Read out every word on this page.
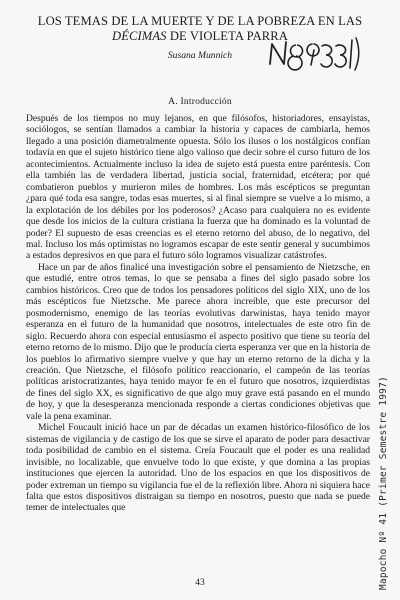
LOS TEMAS DE LA MUERTE Y DE LA POBREZA EN LAS
DÉCIMAS DE VIOLETA PARRA
Susana Munnich
A. Introducción

Después de los tiempos no muy lejanos, en que filósofos, historiadores, ensayistas, sociólogos, se sentían llamados a cambiar la historia y capaces de cambiarla, hemos llegado a una posición diametralmente opuesta. Sólo los ilusos o los nostálgicos confían todavía en que el sujeto histórico tiene algo valioso que decir sobre el curso futuro de los acontecimientos. Actualmente incluso la idea de sujeto está puesta entre paréntesis. Con ella también las de verdadera libertad, justicia social, fraternidad, etcétera; por qué combatieron pueblos y murieron miles de hombres. Los más escépticos se preguntan ¿para qué toda esa sangre, todas esas muertes, si al final siempre se vuelve a lo mismo, a la explotación de los débiles por los poderosos? ¿Acaso para cualquiera no es evidente que desde los inicios de la cultura cristiana la fuerza que ha dominado es la voluntad de poder? El supuesto de esas creencias es el eterno retorno del abuso, de lo negativo, del mal. Incluso los más optimistas no logramos escapar de este sentir general y sucumbimos a estados depresivos en que para el futuro sólo logramos visualizar catástrofes.

Hace un par de años finalicé una investigación sobre el pensamiento de Nietzsche, en que estudié, entre otros temas, lo que se pensaba a fines del siglo pasado sobre los cambios históricos. Creo que de todos los pensadores políticos del siglo XIX, uno de los más escépticos fue Nietzsche. Me parece ahora increíble, que este precursor del posmodernismo, enemigo de las teorías evolutivas darwinistas, haya tenido mayor esperanza en el futuro de la humanidad que nosotros, intelectuales de este otro fin de siglo. Recuerdo ahora con especial entusiasmo el aspecto positivo que tiene su teoría del eterno retorno de lo mismo. Dijo que le producía cierta esperanza ver que en la historia de los pueblos lo afirmativo siempre vuelve y que hay un eterno retorno de la dicha y la creación. Que Nietzsche, el filósofo político reaccionario, el campeón de las teorías políticas aristocratizantes, haya tenido mayor fe en el futuro que nosotros, izquierdistas de fines del siglo XX, es significativo de que algo muy grave está pasando en el mundo de hoy, y que la desesperanza mencionada responde a ciertas condiciones objetivas que vale la pena examinar.

Michel Foucault inició hace un par de décadas un examen histórico-filosófico de los sistemas de vigilancia y de castigo de los que se sirve el aparato de poder para desactivar toda posibilidad de cambio en el sistema. Creía Foucault que el poder es una realidad invisible, no localizable, que envuelve todo lo que existe, y que domina a las propias instituciones que ejercen la autoridad. Uno de los espacios en que los dispositivos de poder extreman un tiempo su vigilancia fue el de la reflexión libre. Ahora ni siquiera hace falta que estos dispositivos distraigan su tiempo en nosotros, puesto que nada se puede temer de intelectuales que

43	Mapocho Nº 41 (Primer Semestre 1997)
